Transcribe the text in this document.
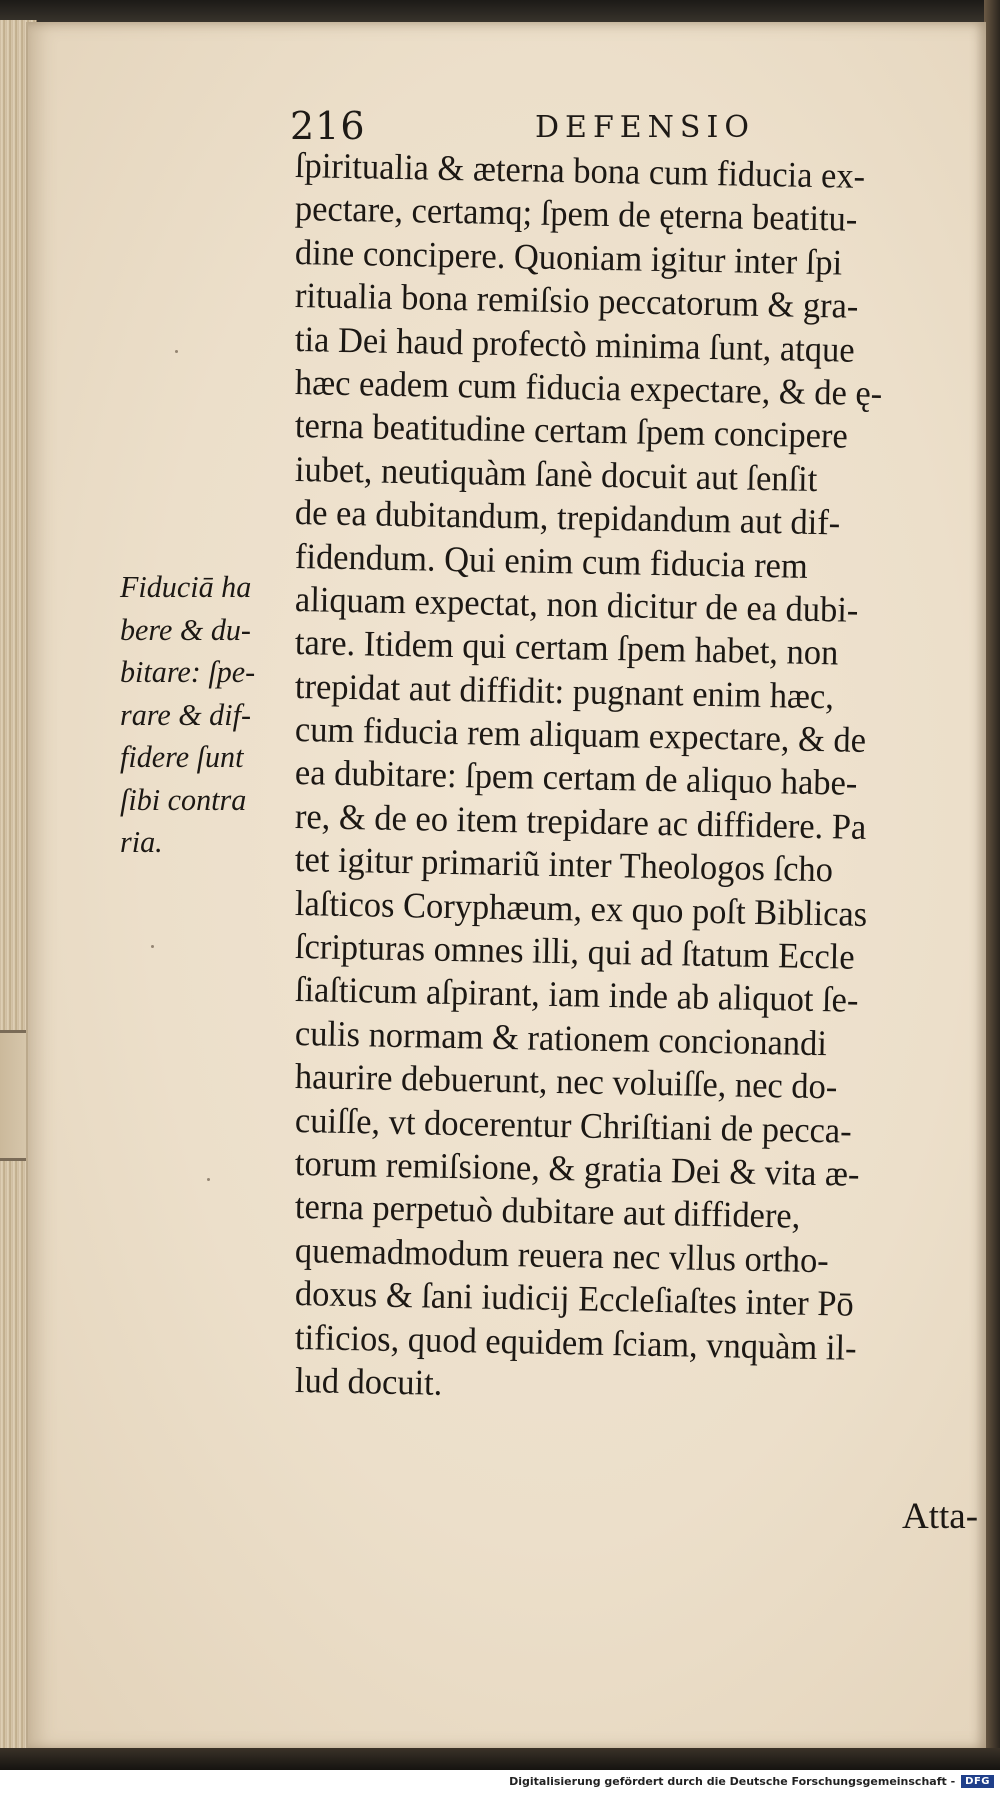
216	DEFENSIO
ſpiritualia & æterna bona cum fiducia ex-
pectare, certamq; ſpem de ęterna beatitu-
dine concipere. Quoniam igitur inter ſpi
ritualia bona remiſsio peccatorum & gra-
tia Dei haud profectò minima ſunt, atque
hæc eadem cum fiducia expectare, & de ę-
terna beatitudine certam ſpem concipere
iubet, neutiquàm ſanè docuit aut ſenſit
de ea dubitandum, trepidandum aut dif-
fidendum. Qui enim cum fiducia rem
aliquam expectat, non dicitur de ea dubi-
tare. Itidem qui certam ſpem habet, non
trepidat aut diffidit: pugnant enim hæc,
cum fiducia rem aliquam expectare, & de
ea dubitare: ſpem certam de aliquo habe-
re, & de eo item trepidare ac diffidere. Pa
tet igitur primariũ inter Theologos ſcho
laſticos Coryphæum, ex quo poſt Biblicas
ſcripturas omnes illi, qui ad ſtatum Eccle
ſiaſticum aſpirant, iam inde ab aliquot ſe-
culis normam & rationem concionandi
haurire debuerunt, nec voluiſſe, nec do-
cuiſſe, vt docerentur Chriſtiani de pecca-
torum remiſsione, & gratia Dei & vita æ-
terna perpetuò dubitare aut diffidere,
quemadmodum reuera nec vllus ortho-
doxus & ſani iudicij Eccleſiaſtes inter Pō
tificios, quod equidem ſciam, vnquàm il-
lud docuit.
Fiduciā ha
bere & du-
bitare: ſpe-
rare & dif-
fidere ſunt
ſibi contra
ria.
Atta-
Digitalisierung gefördert durch die Deutsche Forschungsgemeinschaft -	DFG
